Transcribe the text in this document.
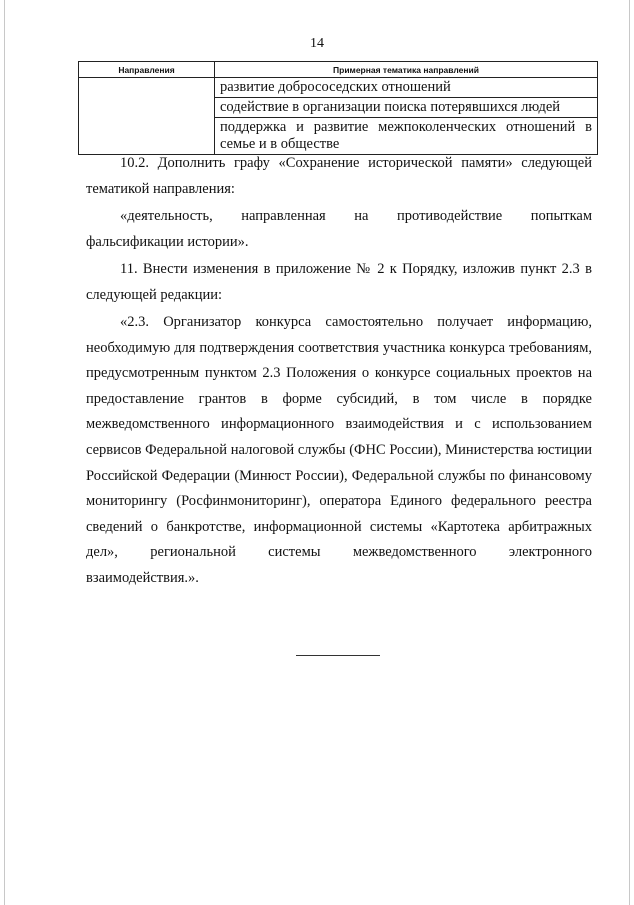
14
Направления	Примерная тематика направлений
	развитие добрососедских отношений
	содействие в организации поиска потерявшихся людей
	поддержка и развитие межпоколенческих отношений в семье и в обществе

10.2. Дополнить графу «Сохранение исторической памяти» следующей тематикой направления:

«деятельность, направленная на противодействие попыткам фальсификации истории».

11. Внести изменения в приложение № 2 к Порядку, изложив пункт 2.3 в следующей редакции:

«2.3. Организатор конкурса самостоятельно получает информацию, необходимую для подтверждения соответствия участника конкурса требованиям, предусмотренным пунктом 2.3 Положения о конкурсе социальных проектов на предоставление грантов в форме субсидий, в том числе в порядке межведомственного информационного взаимодействия и с использованием сервисов Федеральной налоговой службы (ФНС России), Министерства юстиции Российской Федерации (Минюст России), Федеральной службы по финансовому мониторингу (Росфинмониторинг), оператора Единого федерального реестра сведений о банкротстве, информационной системы «Картотека арбитражных дел», региональной системы межведомственного электронного взаимодействия.».
